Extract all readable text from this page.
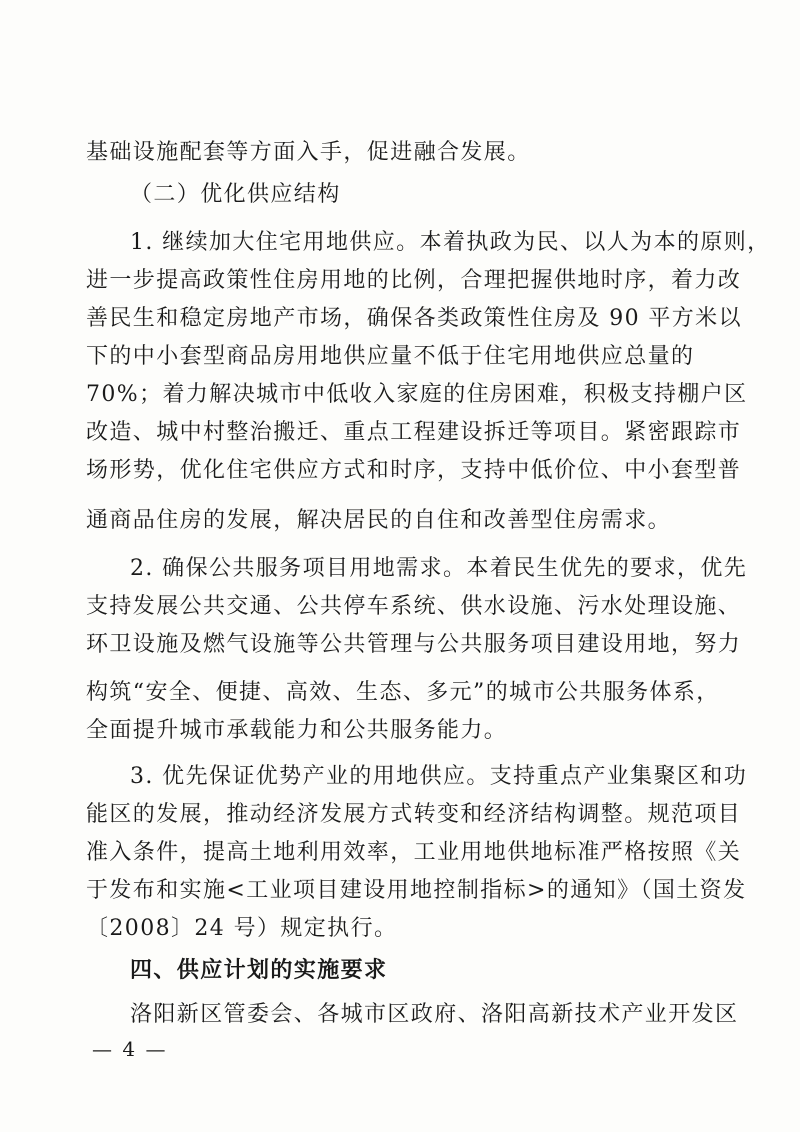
基础设施配套等方面入手，促进融合发展。
（二）优化供应结构
1. 继续加大住宅用地供应。本着执政为民、以人为本的原则，
进一步提高政策性住房用地的比例，合理把握供地时序，着力改
善民生和稳定房地产市场，确保各类政策性住房及 90 平方米以
下的中小套型商品房用地供应量不低于住宅用地供应总量的
70%；着力解决城市中低收入家庭的住房困难，积极支持棚户区
改造、城中村整治搬迁、重点工程建设拆迁等项目。紧密跟踪市
场形势，优化住宅供应方式和时序，支持中低价位、中小套型普
通商品住房的发展，解决居民的自住和改善型住房需求。
2. 确保公共服务项目用地需求。本着民生优先的要求，优先
支持发展公共交通、公共停车系统、供水设施、污水处理设施、
环卫设施及燃气设施等公共管理与公共服务项目建设用地，努力
构筑“安全、便捷、高效、生态、多元”的城市公共服务体系，
全面提升城市承载能力和公共服务能力。
3. 优先保证优势产业的用地供应。支持重点产业集聚区和功
能区的发展，推动经济发展方式转变和经济结构调整。规范项目
准入条件，提高土地利用效率，工业用地供地标准严格按照《关
于发布和实施<工业项目建设用地控制指标>的通知》（国土资发
〔2008〕24 号）规定执行。
四、供应计划的实施要求
洛阳新区管委会、各城市区政府、洛阳高新技术产业开发区
— 4 —
